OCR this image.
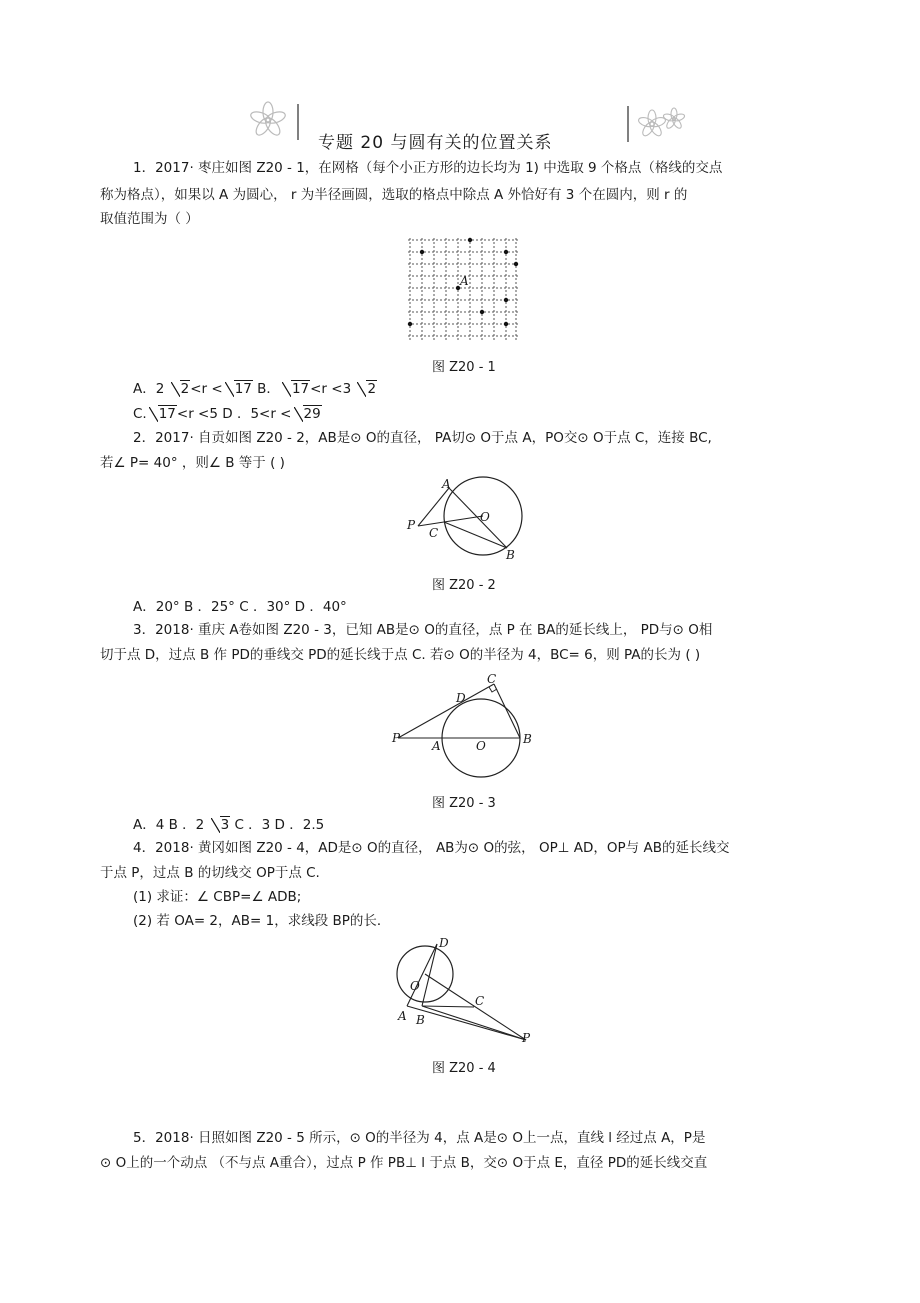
专题 20 与圆有关的位置关系
1．2017· 枣庄如图 Z20 - 1，在网格（每个小正方形的边长均为 1) 中选取 9 个格点（格线的交点
称为格点），如果以 A 为圆心， r 为半径画圆，选取的格点中除点 A 外恰好有 3 个在圆内，则 r 的
取值范围为（ ）
A
图 Z20 - 1
A．2 2<r < 17 B． 17<r <3 2
C. 17<r <5 D ．5<r < 29
2．2017· 自贡如图 Z20 - 2，AB是⊙ O的直径， PA切⊙ O于点 A，PO交⊙ O于点 C，连接 BC,
若∠ P= 40° ，则∠ B 等于 ( )
A
O
P
C
B
图 Z20 - 2
A．20° B ．25° C ．30° D ．40°
3．2018· 重庆 A卷如图 Z20 - 3，已知 AB是⊙ O的直径，点 P 在 BA的延长线上， PD与⊙ O相
切于点 D，过点 B 作 PD的垂线交 PD的延长线于点 C. 若⊙ O的半径为 4，BC= 6，则 PA的长为 ( )
P
A	O	B
D
C
图 Z20 - 3
A．4 B ．2 3 C ．3 D ．2.5
4．2018· 黄冈如图 Z20 - 4，AD是⊙ O的直径， AB为⊙ O的弦， OP⊥ AD，OP与 AB的延长线交
于点 P，过点 B 的切线交 OP于点 C.
(1) 求证：∠ CBP=∠ ADB;
(2) 若 OA= 2，AB= 1，求线段 BP的长．
D
O
A B
C
P
图 Z20 - 4
5．2018· 日照如图 Z20 - 5 所示，⊙ O的半径为 4，点 A是⊙ O上一点，直线 l 经过点 A，P是
⊙ O上的一个动点 （不与点 A重合），过点 P 作 PB⊥ l 于点 B，交⊙ O于点 E，直径 PD的延长线交直
